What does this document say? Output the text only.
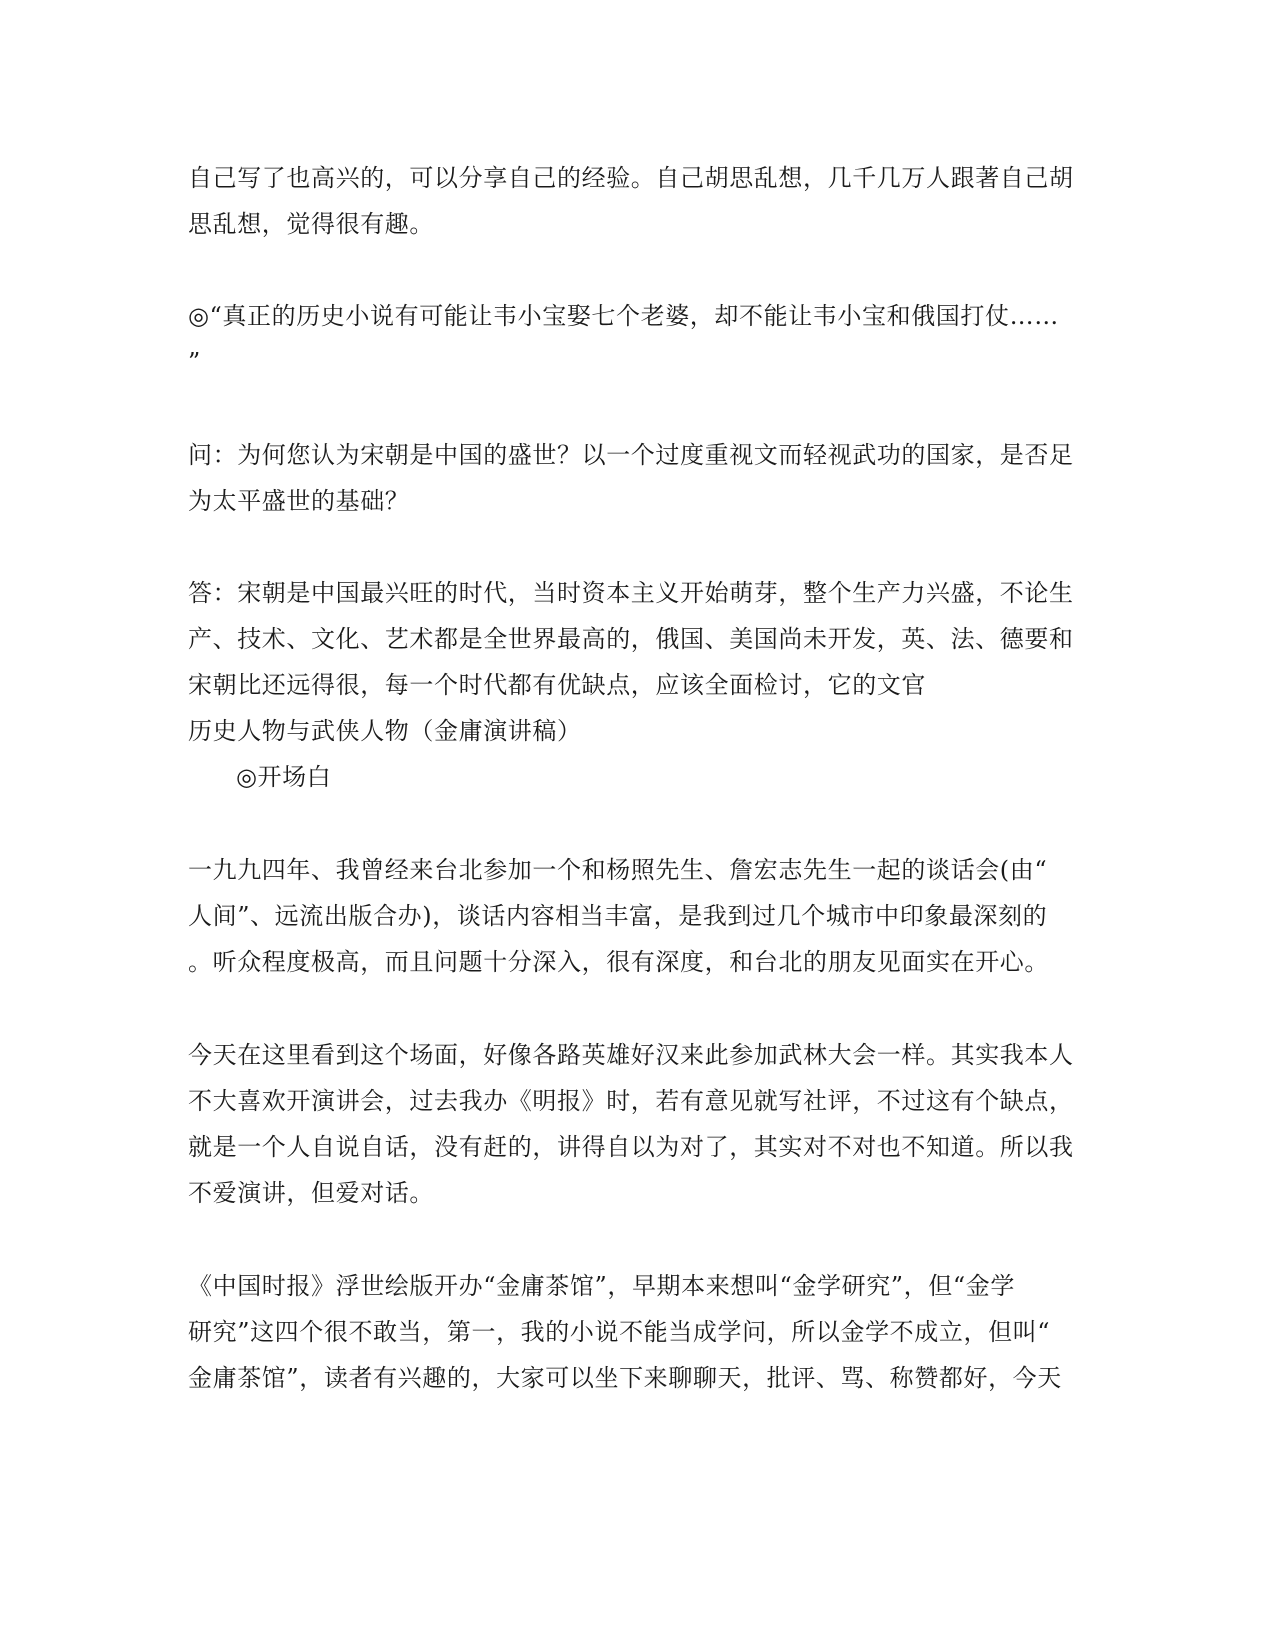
自己写了也高兴的，可以分享自己的经验。自己胡思乱想，几千几万人跟著自己胡
思乱想，觉得很有趣。
◎“真正的历史小说有可能让韦小宝娶七个老婆，却不能让韦小宝和俄国打仗……
”
问：为何您认为宋朝是中国的盛世？以一个过度重视文而轻视武功的国家，是否足
为太平盛世的基础？
答：宋朝是中国最兴旺的时代，当时资本主义开始萌芽，整个生产力兴盛，不论生
产、技术、文化、艺术都是全世界最高的，俄国、美国尚未开发，英、法、德要和
宋朝比还远得很，每一个时代都有优缺点，应该全面检讨，它的文官
历史人物与武侠人物（金庸演讲稿）
◎开场白
一九九四年、我曾经来台北参加一个和杨照先生、詹宏志先生一起的谈话会(由“
人间”、远流出版合办)，谈话内容相当丰富，是我到过几个城市中印象最深刻的
。听众程度极高，而且问题十分深入，很有深度，和台北的朋友见面实在开心。
今天在这里看到这个场面，好像各路英雄好汉来此参加武林大会一样。其实我本人
不大喜欢开演讲会，过去我办《明报》时，若有意见就写社评，不过这有个缺点，
就是一个人自说自话，没有赶的，讲得自以为对了，其实对不对也不知道。所以我
不爱演讲，但爱对话。
《中国时报》浮世绘版开办“金庸茶馆”，早期本来想叫“金学研究”，但“金学
研究”这四个很不敢当，第一，我的小说不能当成学问，所以金学不成立，但叫“
金庸茶馆”，读者有兴趣的，大家可以坐下来聊聊天，批评、骂、称赞都好，今天
